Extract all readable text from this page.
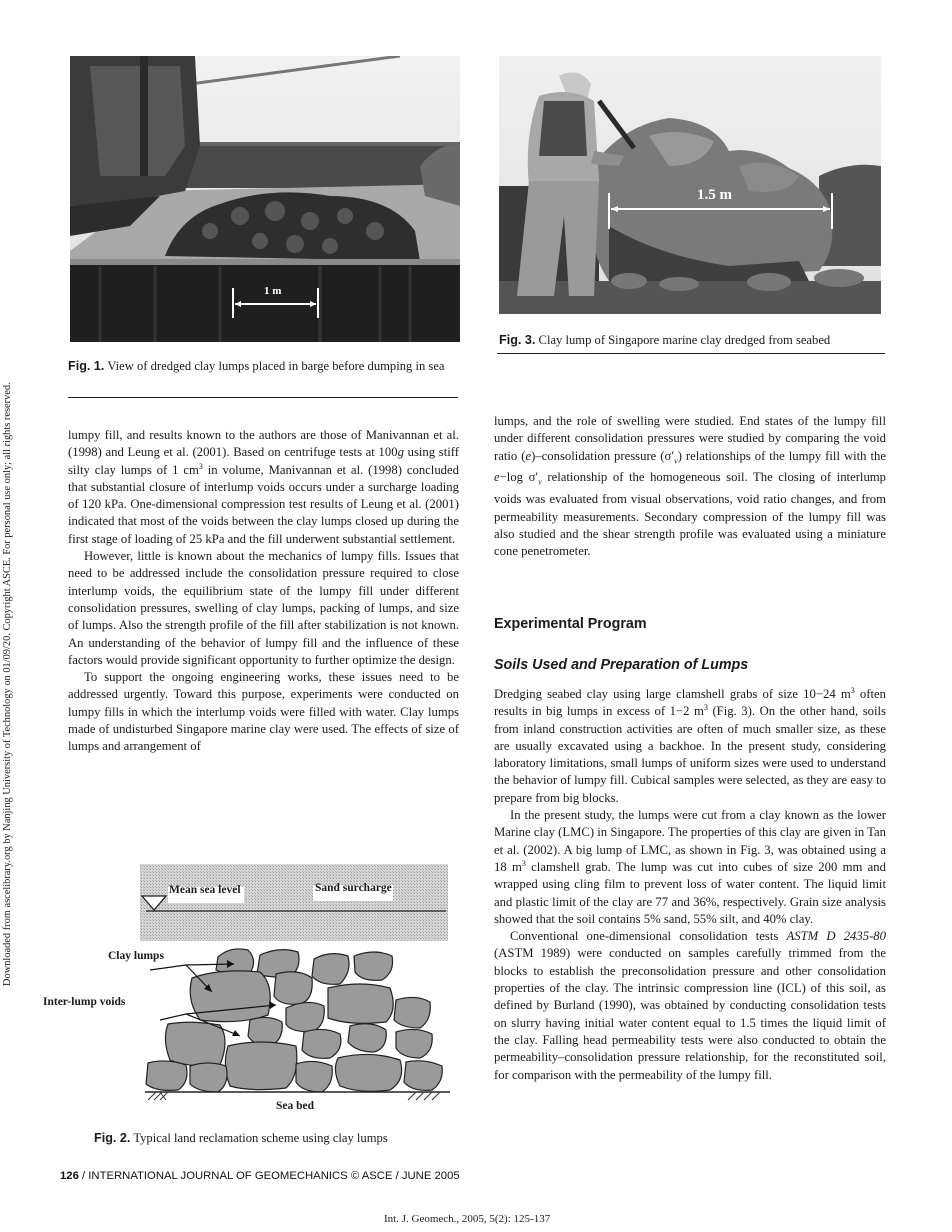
Downloaded from ascelibrary.org by Nanjing University of Technology on 01/09/20. Copyright ASCE. For personal use only; all rights reserved.
1 m
Fig. 1. View of dredged clay lumps placed in barge before dumping in sea
1.5 m
Fig. 3. Clay lump of Singapore marine clay dredged from seabed

lumpy fill, and results known to the authors are those of Manivannan et al. (1998) and Leung et al. (2001). Based on centrifuge tests at 100g using stiff silty clay lumps of 1 $cm^3$ in volume, Manivannan et al. (1998) concluded that substantial closure of interlump voids occurs under a surcharge loading of 120 kPa. One-dimensional compression test results of Leung et al. (2001) indicated that most of the voids between the clay lumps closed up during the first stage of loading of 25 kPa and the fill underwent substantial settlement.

However, little is known about the mechanics of lumpy fills. Issues that need to be addressed include the consolidation pressure required to close interlump voids, the equilibrium state of the lumpy fill under different consolidation pressures, swelling of clay lumps, packing of lumps, and size of lumps. Also the strength profile of the fill after stabilization is not known. An understanding of the behavior of lumpy fill and the influence of these factors would provide significant opportunity to further optimize the design.

To support the ongoing engineering works, these issues need to be addressed urgently. Toward this purpose, experiments were conducted on lumpy fills in which the interlump voids were filled with water. Clay lumps made of undisturbed Singapore marine clay were used. The effects of size of lumps and arrangement of

Mean sea level	Sand surcharge
Clay lumps
Inter-lump voids
Sea bed
Fig. 2. Typical land reclamation scheme using clay lumps

lumps, and the role of swelling were studied. End states of the lumpy fill under different consolidation pressures were studied by comparing the void ratio (e)–consolidation pressure $(\sigma'_v)$ relationships of the lumpy fill with the e−log $\sigma'_v$ relationship of the homogeneous soil. The closing of interlump voids was evaluated from visual observations, void ratio changes, and from permeability measurements. Secondary compression of the lumpy fill was also studied and the shear strength profile was evaluated using a miniature cone penetrometer.

Experimental Program
Soils Used and Preparation of Lumps

Dredging seabed clay using large clamshell grabs of size 10−24 $m^3$ often results in big lumps in excess of 1−2 $m^3$ (Fig. 3). On the other hand, soils from inland construction activities are often of much smaller size, as these are usually excavated using a backhoe. In the present study, considering laboratory limitations, small lumps of uniform sizes were used to understand the behavior of lumpy fill. Cubical samples were selected, as they are easy to prepare from big blocks.

In the present study, the lumps were cut from a clay known as the lower Marine clay (LMC) in Singapore. The properties of this clay are given in Tan et al. (2002). A big lump of LMC, as shown in Fig. 3, was obtained using a 18 $m^3$ clamshell grab. The lump was cut into cubes of size 200 mm and wrapped using cling film to prevent loss of water content. The liquid limit and plastic limit of the clay are 77 and 36%, respectively. Grain size analysis showed that the soil contains 5% sand, 55% silt, and 40% clay.

Conventional one-dimensional consolidation tests ASTM D 2435-80 (ASTM 1989) were conducted on samples carefully trimmed from the blocks to establish the preconsolidation pressure and other consolidation properties of the clay. The intrinsic compression line (ICL) of this soil, as defined by Burland (1990), was obtained by conducting consolidation tests on slurry having initial water content equal to 1.5 times the liquid limit of the clay. Falling head permeability tests were also conducted to obtain the permeability–consolidation pressure relationship, for the reconstituted soil, for comparison with the permeability of the lumpy fill.

126 / INTERNATIONAL JOURNAL OF GEOMECHANICS © ASCE / JUNE 2005
Int. J. Geomech., 2005, 5(2): 125-137
